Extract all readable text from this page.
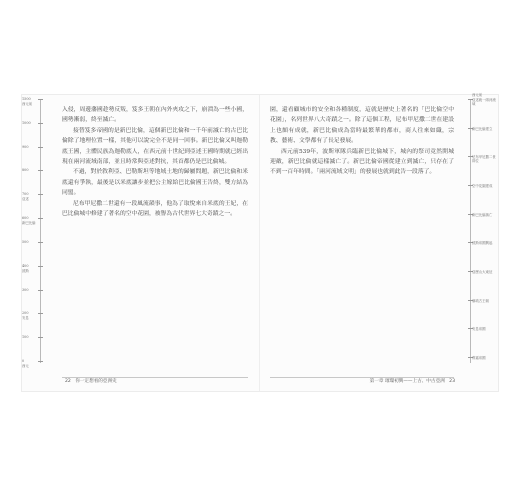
1500
西元前
1000
900
800
700
亞述
600
新巴比倫
500
400
波斯
300
200
安息
100
0
西元

入侵，周邊藩國趁勢反叛，笈多王朝在內外夾攻之下，崩潰為一些小國，國勢漸弱，終至滅亡。

接替笈多帝國的是新巴比倫，這個新巴比倫和一千年前滅亡的古巴比倫除了地理位置一樣，其他可以說完全不是同一回事。新巴比倫又叫迦勒底王國，主體民族為迦勒底人，在西元前十世紀到亞述王國時期就已經出現在兩河流域南部，並且時常與亞述對抗，其首都仍是巴比倫城。

不過，對於敘利亞、巴勒斯坦等地域土地的歸屬問題，新巴比倫和米底還有爭執，最後是以米底讓步並把公主嫁給巴比倫國王告終，雙方結為同盟。

尼布甲尼撒二世還有一段風流韻事，他為了取悅來自米底的王妃，在巴比倫城中修建了著名的空中花園，被譽為古代世界七大奇蹟之一。

22 你一定想看的亞洲史

園，還看顧城市的安全和各種制度，這就是歷史上著名的「巴比倫空中花園」，名列世界八大奇蹟之一。除了這個工程，尼布甲尼撒二世在建設上也頗有成就，新巴比倫成為當時最繁華的都市，商人往來如織，宗教、藝術、文學都有了長足發展。

西元前539年，波斯軍隊兵臨新巴比倫城下，城內的祭司竟然開城迎敵，新巴比倫就這樣滅亡了。新巴比倫帝國從建立到滅亡，只存在了不到一百年時間。「兩河流域文明」的發展也就到此告一段落了。

西元前
亞述統一兩河流域
新巴比倫建立
尼布甲尼撒二世即位
空中花園建成
新巴比倫滅亡
波斯帝國興起
亞歷山大東征
塞琉古王朝
安息帝國
貴霜帝國
第一章 璀璨初興——上古、中古亞洲 23
